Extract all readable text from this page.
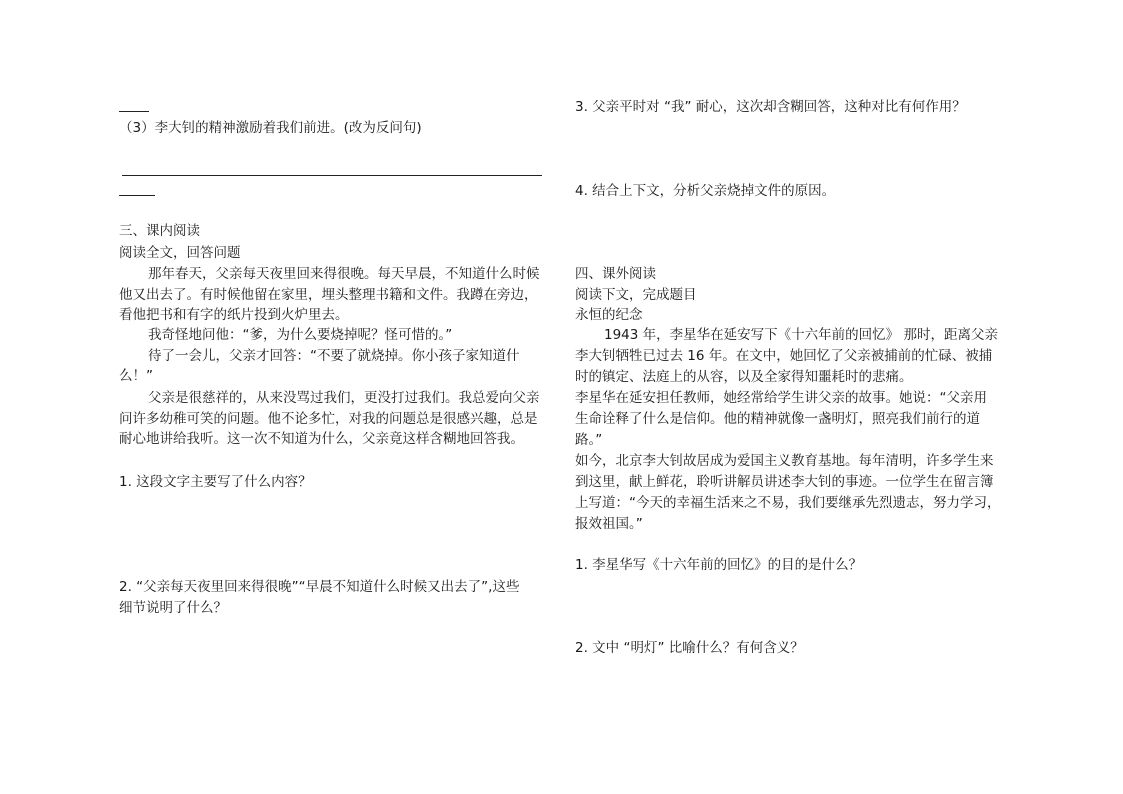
（3）李大钊的精神激励着我们前进。(改为反问句)
三、课内阅读
阅读全文，回答问题
那年春天，父亲每天夜里回来得很晚。每天早晨，不知道什么时候
他又出去了。有时候他留在家里，埋头整理书籍和文件。我蹲在旁边，
看他把书和有字的纸片投到火炉里去。
我奇怪地问他：“爹，为什么要烧掉呢？怪可惜的。”
待了一会儿，父亲才回答：“不要了就烧掉。你小孩子家知道什
么！”
父亲是很慈祥的，从来没骂过我们，更没打过我们。我总爱向父亲
问许多幼稚可笑的问题。他不论多忙，对我的问题总是很感兴趣，总是
耐心地讲给我听。这一次不知道为什么，父亲竟这样含糊地回答我。
1. 这段文字主要写了什么内容？
2. “父亲每天夜里回来得很晚”“早晨不知道什么时候又出去了”,这些
细节说明了什么？
3. 父亲平时对 “我” 耐心，这次却含糊回答，这种对比有何作用？
4. 结合上下文，分析父亲烧掉文件的原因。
四、课外阅读
阅读下文，完成题目
永恒的纪念
1943 年，李星华在延安写下《十六年前的回忆》 那时，距离父亲
李大钊牺牲已过去 16 年。在文中，她回忆了父亲被捕前的忙碌、被捕
时的镇定、法庭上的从容，以及全家得知噩耗时的悲痛。
李星华在延安担任教师，她经常给学生讲父亲的故事。她说：“父亲用
生命诠释了什么是信仰。他的精神就像一盏明灯，照亮我们前行的道
路。”
如今，北京李大钊故居成为爱国主义教育基地。每年清明，许多学生来
到这里，献上鲜花，聆听讲解员讲述李大钊的事迹。一位学生在留言簿
上写道：“今天的幸福生活来之不易，我们要继承先烈遗志，努力学习，
报效祖国。”
1. 李星华写《十六年前的回忆》的目的是什么？
2. 文中 “明灯” 比喻什么？有何含义？
